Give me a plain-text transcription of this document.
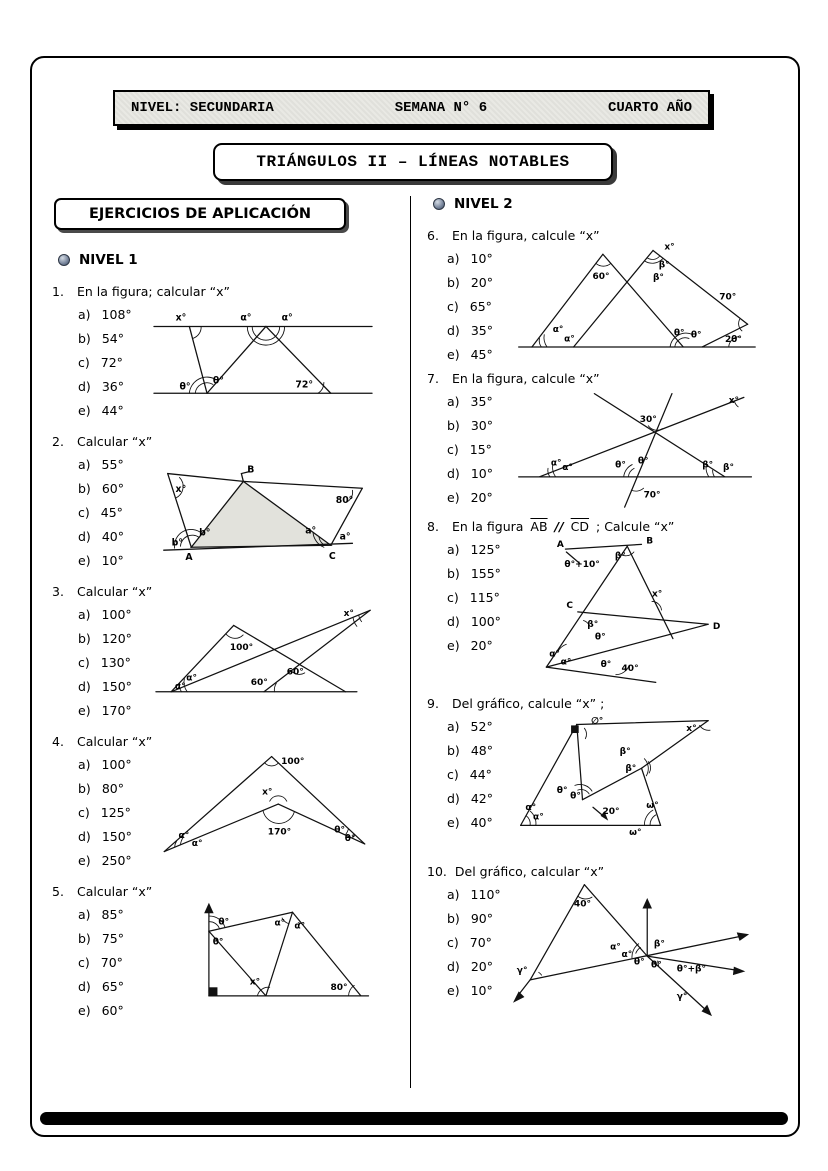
NIVEL: SECUNDARIA	SEMANA N° 6	CUARTO AÑO
TRIÁNGULOS II – LÍNEAS NOTABLES
EJERCICIOS DE APLICACIÓN
NIVEL 1
1.	En la figura; calcular “x”
a) 108°
b) 54°
c) 72°
d) 36°
e) 44°
x°	α°	α°
θ°
θ°	72°
2.	Calcular “x”
a) 55°
b) 60°
c) 45°
d) 40°
e) 10°
x°
B
80°
b°
b°
a°
a°
A	C
3.	Calcular “x”
a) 100°
b) 120°
c) 130°
d) 150°
e) 170°
100°
x°
α°
α°
60°
60°
4.	Calcular “x”
a) 100°
b) 80°
c) 125°
d) 150°
e) 250°
100°
x°
α°
α°
θ°
θ°
170°
5.	Calcular “x”
a) 85°
b) 75°
c) 70°
d) 65°
e) 60°
θ°
θ°
α° α°
x°
80°
NIVEL 2
6.	En la figura, calcule “x”
a) 10°
b) 20°
c) 65°
d) 35°
e) 45°
60°
x°
β°
β°
70°
α°
α°
θ° θ° 2θ°
7.	En la figura, calcule “x”
a) 35°
b) 30°
c) 15°
d) 10°
e) 20°
30°
x°
α° α°	θ° θ°	β° β°
70°
8.	En la figura $\overline{AB} // \overline{CD}$ ; Calcule “x”
a) 125°
b) 155°
c) 115°
d) 100°
e) 20°
A	B
θ°+10°
β°
x°
C
D
β°
θ°
α°
α°	θ° 40°
9.	Del gráfico, calcule “x” ;
a) 52°
b) 48°
c) 44°
d) 42°
e) 40°
∅°
x°
β°
β°
θ°
θ°
20°
α°
α°
ω°
ω°
10. Del gráfico, calcular “x”
a) 110°
b) 90°
c) 70°
d) 20°
e) 10°
40°
α°
α°
θ° θ°
β°
θ°+β°
γ°
γ°
